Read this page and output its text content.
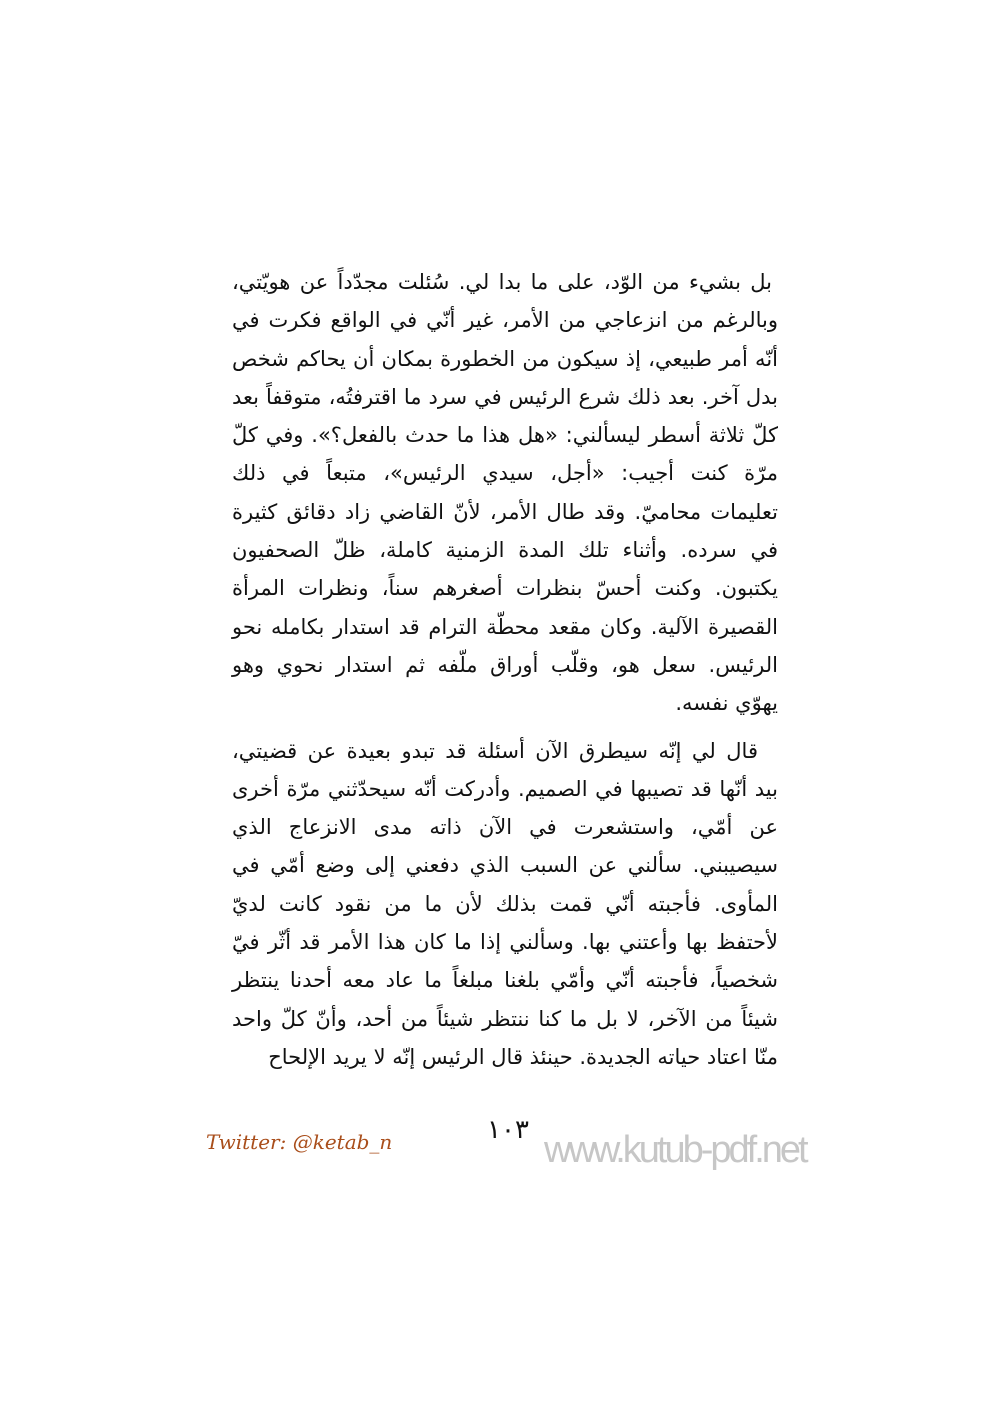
بل بشيء من الوّد، على ما بدا لي. سُئلت مجدّداً عن هويّتي،
وبالرغم من انزعاجي من الأمر، غير أنّي في الواقع فكرت في
أنّه أمر طبيعي، إذ سيكون من الخطورة بمكان أن يحاكم شخص
بدل آخر. بعد ذلك شرع الرئيس في سرد ما اقترفتُه، متوقفاً بعد
كلّ ثلاثة أسطر ليسألني: «هل هذا ما حدث بالفعل؟». وفي كلّ
مرّة كنت أجيب: «أجل، سيدي الرئيس»، متبعاً في ذلك
تعليمات محاميّ. وقد طال الأمر، لأنّ القاضي زاد دقائق كثيرة
في سرده. وأثناء تلك المدة الزمنية كاملة، ظلّ الصحفيون
يكتبون. وكنت أحسّ بنظرات أصغرهم سناً، ونظرات المرأة
القصيرة الآلية. وكان مقعد محطّة الترام قد استدار بكامله نحو
الرئيس. سعل هو، وقلّب أوراق ملّفه ثم استدار نحوي وهو
يهوّي نفسه.
قال لي إنّه سيطرق الآن أسئلة قد تبدو بعيدة عن قضيتي،
بيد أنّها قد تصيبها في الصميم. وأدركت أنّه سيحدّثني مرّة أخرى
عن أمّي، واستشعرت في الآن ذاته مدى الانزعاج الذي
سيصيبني. سألني عن السبب الذي دفعني إلى وضع أمّي في
المأوى. فأجبته أنّي قمت بذلك لأن ما من نقود كانت لديّ
لأحتفظ بها وأعتني بها. وسألني إذا ما كان هذا الأمر قد أثّر فيّ
شخصياً، فأجبته أنّي وأمّي بلغنا مبلغاً ما عاد معه أحدنا ينتظر
شيئاً من الآخر، لا بل ما كنا ننتظر شيئاً من أحد، وأنّ كلّ واحد
منّا اعتاد حياته الجديدة. حينئذ قال الرئيس إنّه لا يريد الإلحاح
Twitter: @ketab_n	١٠٣ www.kutub-pdf.net
